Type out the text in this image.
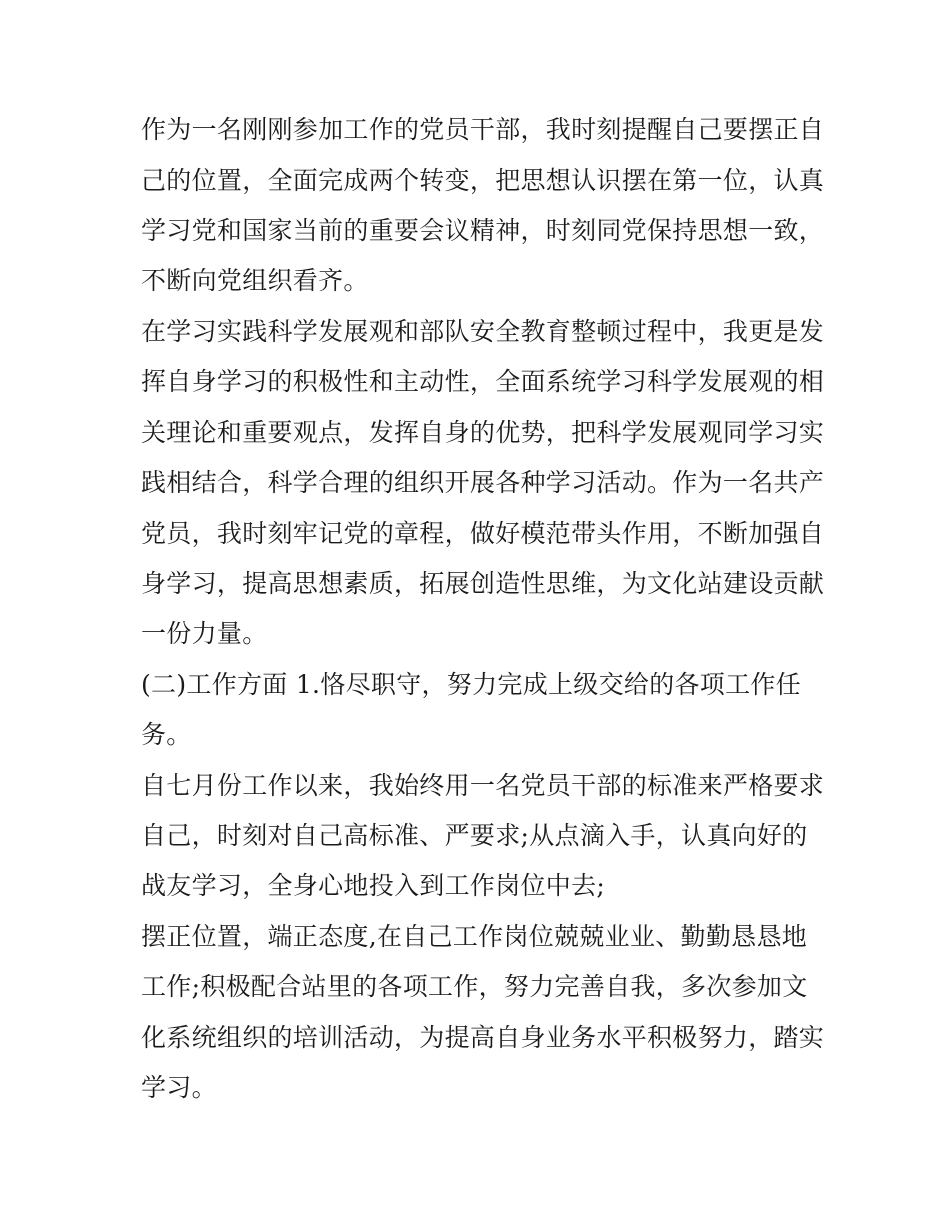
作为一名刚刚参加工作的党员干部，我时刻提醒自己要摆正自
己的位置，全面完成两个转变，把思想认识摆在第一位，认真
学习党和国家当前的重要会议精神，时刻同党保持思想一致，
不断向党组织看齐。
在学习实践科学发展观和部队安全教育整顿过程中，我更是发
挥自身学习的积极性和主动性，全面系统学习科学发展观的相
关理论和重要观点，发挥自身的优势，把科学发展观同学习实
践相结合，科学合理的组织开展各种学习活动。作为一名共产
党员，我时刻牢记党的章程，做好模范带头作用，不断加强自
身学习，提高思想素质，拓展创造性思维，为文化站建设贡献
一份力量。
(二)工作方面 1.恪尽职守，努力完成上级交给的各项工作任
务。
自七月份工作以来，我始终用一名党员干部的标准来严格要求
自己，时刻对自己高标准、严要求;从点滴入手，认真向好的
战友学习，全身心地投入到工作岗位中去;
摆正位置，端正态度,在自己工作岗位兢兢业业、勤勤恳恳地
工作;积极配合站里的各项工作，努力完善自我，多次参加文
化系统组织的培训活动，为提高自身业务水平积极努力，踏实
学习。
